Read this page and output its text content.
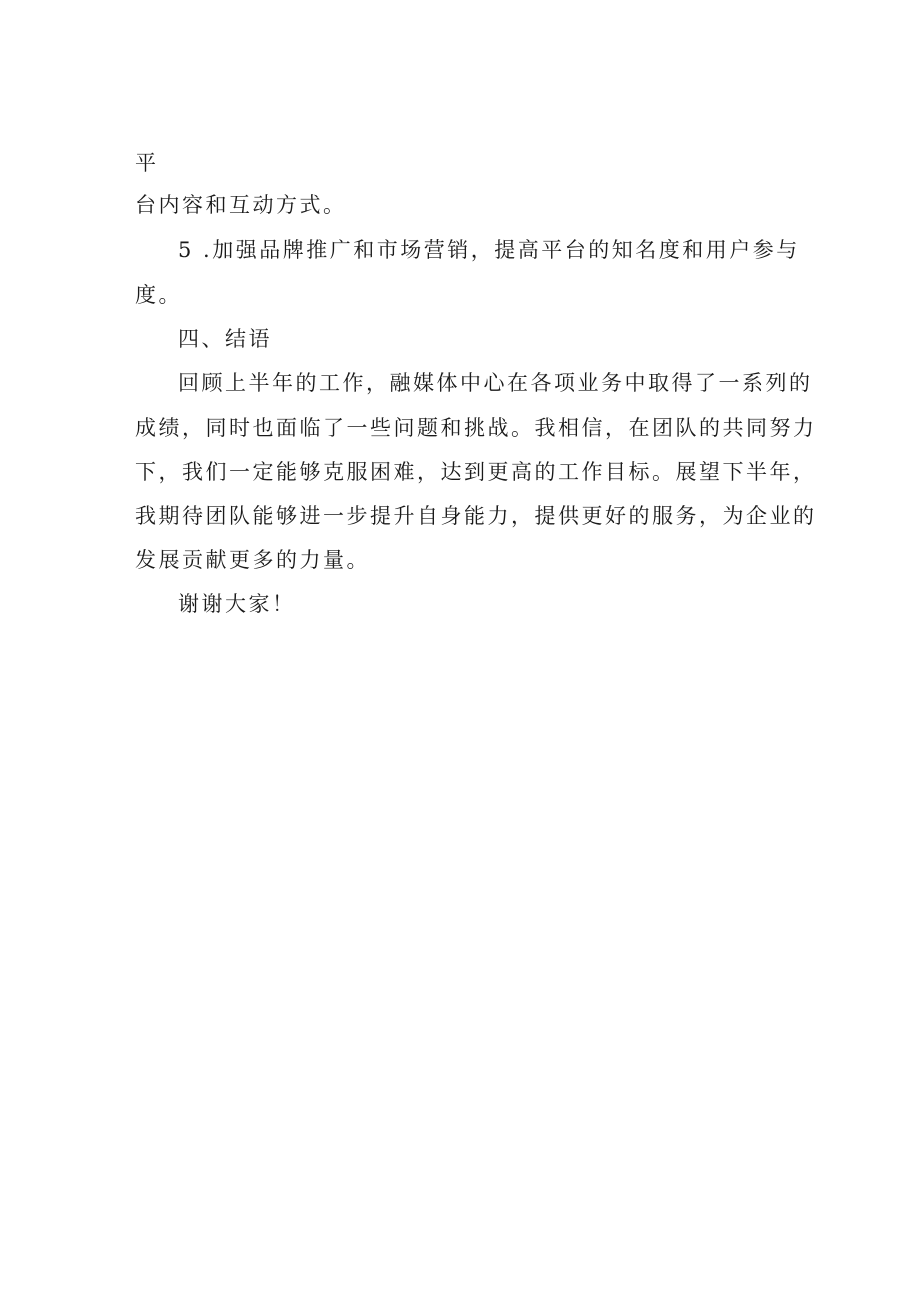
平
台内容和互动方式。
5 .加强品牌推广和市场营销，提高平台的知名度和用户参与
度。
四、结语
回顾上半年的工作，融媒体中心在各项业务中取得了一系列的
成绩，同时也面临了一些问题和挑战。我相信，在团队的共同努力
下，我们一定能够克服困难，达到更高的工作目标。展望下半年，
我期待团队能够进一步提升自身能力，提供更好的服务，为企业的
发展贡献更多的力量。
谢谢大家！
